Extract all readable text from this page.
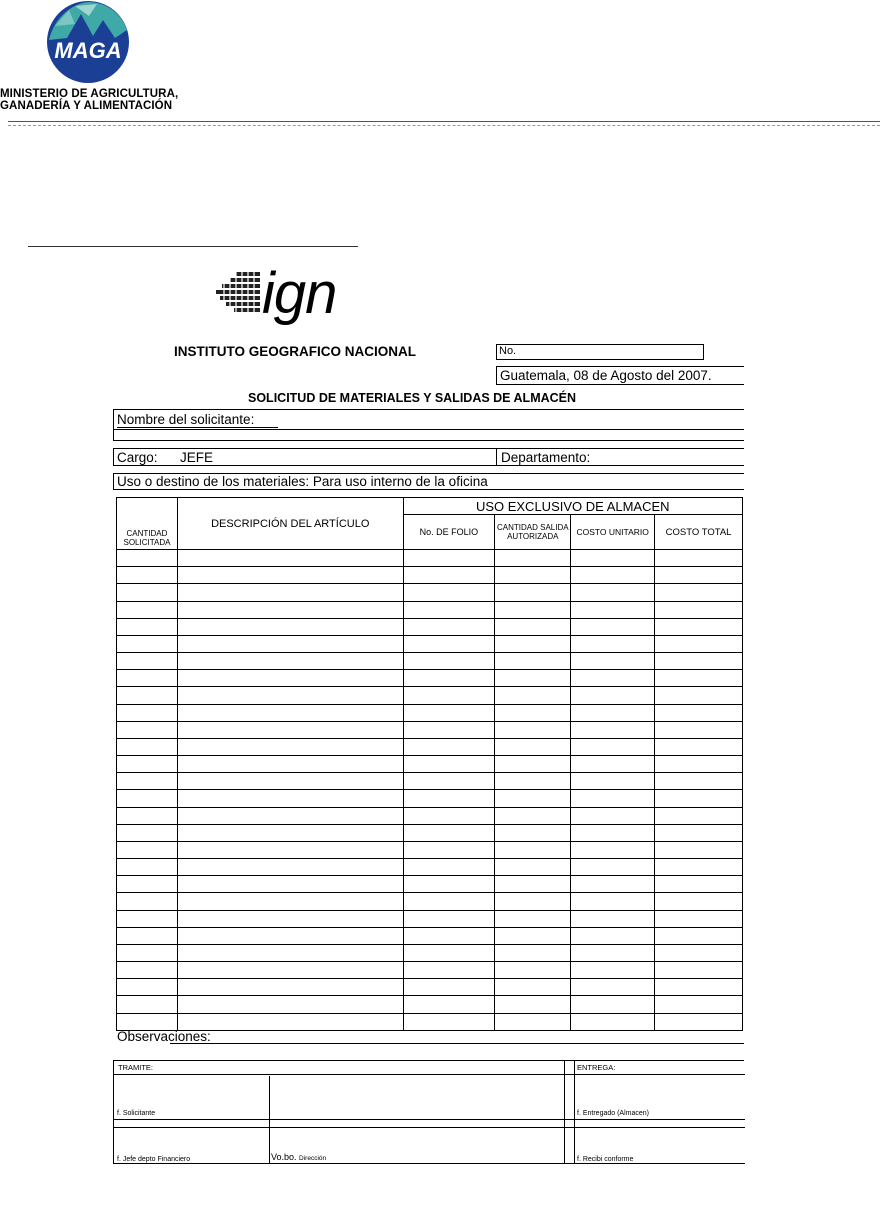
MAGA
MINISTERIO DE AGRICULTURA,
GANADERÍA Y ALIMENTACIÓN
ign
INSTITUTO GEOGRAFICO NACIONAL	No.
Guatemala, 08 de Agosto del 2007.
SOLICITUD DE MATERIALES Y SALIDAS DE ALMACÉN
Nombre del solicitante:
Cargo: JEFE	Departamento:
Uso o destino de los materiales: Para uso interno de la oficina
CANTIDAD SOLICITADA	DESCRIPCIÓN DEL ARTÍCULO	USO EXCLUSIVO DE ALMACEN			
		No. DE FOLIO	CANTIDAD SALIDA AUTORIZADA	COSTO UNITARIO	COSTO TOTAL

Observaciones:
TRAMITE:	ENTREGA:
f. Solicitante	f. Entregado (Almacen)
f. Jefe depto Financiero	Vo.bo. Dirección	f. Recibi conforme
